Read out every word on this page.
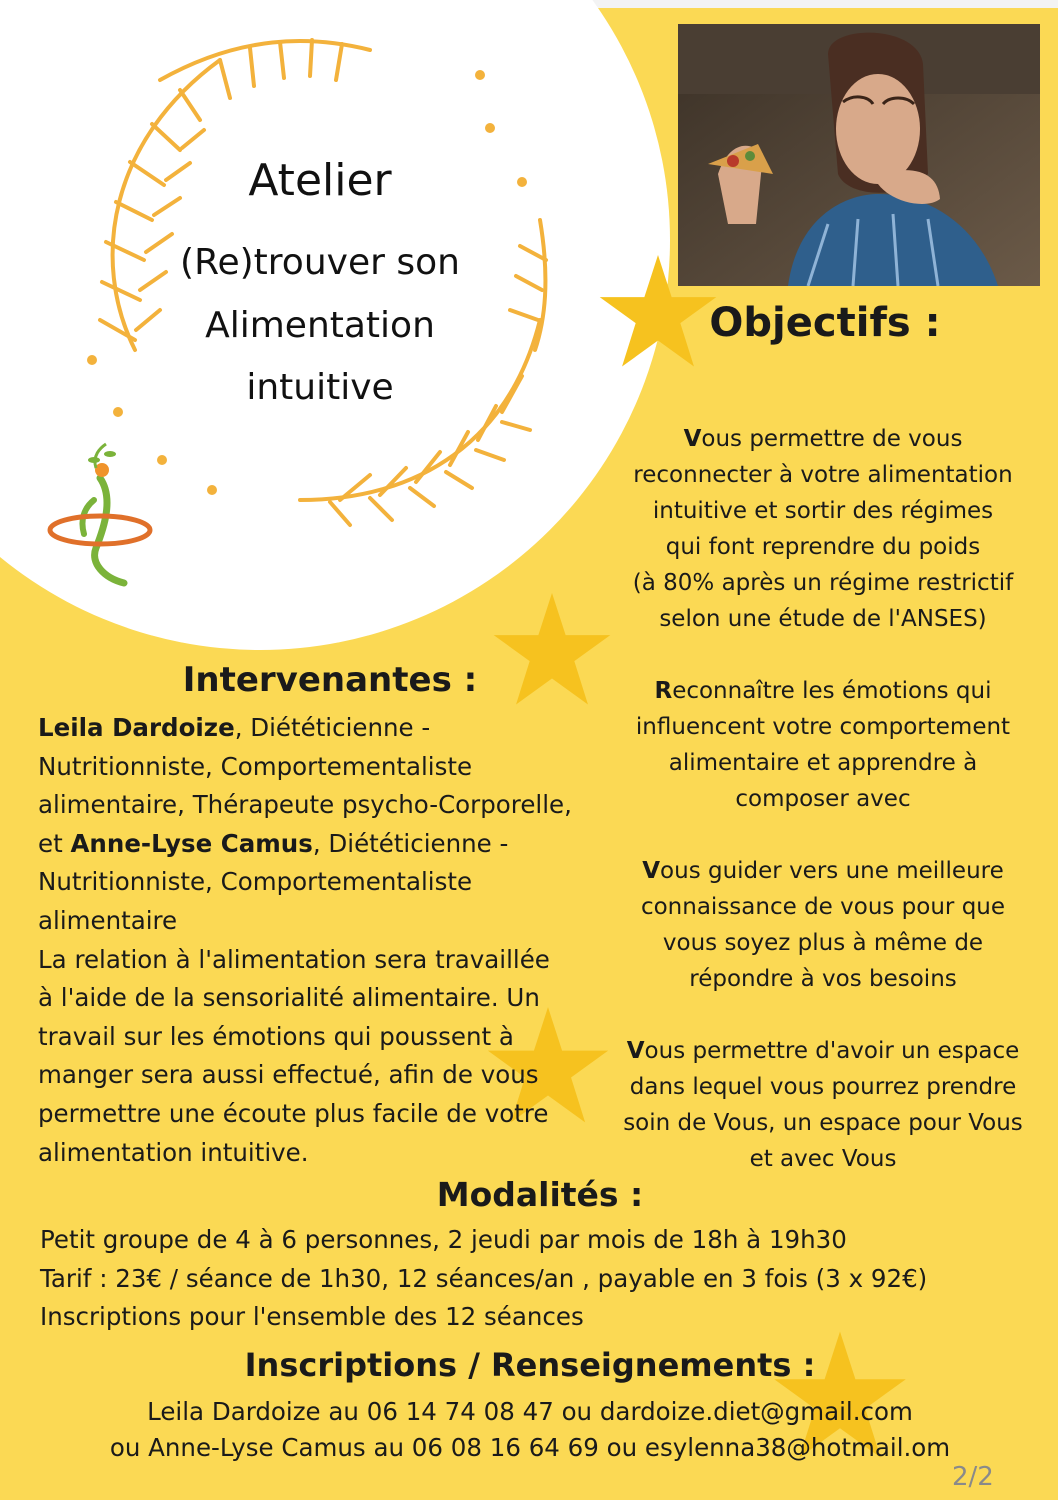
Atelier
(Re)trouver son
Alimentation
intuitive
Objectifs :
Vous permettre de vous
reconnecter à votre alimentation
intuitive et sortir des régimes
qui font reprendre du poids
(à 80% après un régime restrictif
selon une étude de l'ANSES)
Reconnaître les émotions qui
influencent votre comportement
alimentaire et apprendre à
composer avec
Vous guider vers une meilleure
connaissance de vous pour que
vous soyez plus à même de
répondre à vos besoins
Vous permettre d'avoir un espace
dans lequel vous pourrez prendre
soin de Vous, un espace pour Vous
et avec Vous
Intervenantes :
Leila Dardoize, Diététicienne -
Nutritionniste, Comportementaliste
alimentaire, Thérapeute psycho-Corporelle,
et Anne-Lyse Camus, Diététicienne -
Nutritionniste, Comportementaliste
alimentaire
La relation à l'alimentation sera travaillée
à l'aide de la sensorialité alimentaire. Un
travail sur les émotions qui poussent à
manger sera aussi effectué, afin de vous
permettre une écoute plus facile de votre
alimentation intuitive.
Modalités :
Petit groupe de 4 à 6 personnes, 2 jeudi par mois de 18h à 19h30
Tarif : 23€ / séance de 1h30, 12 séances/an , payable en 3 fois (3 x 92€)
Inscriptions pour l'ensemble des 12 séances
Inscriptions / Renseignements :
Leila Dardoize au 06 14 74 08 47 ou dardoize.diet@gmail.com
ou Anne-Lyse Camus au 06 08 16 64 69 ou esylenna38@hotmail.om
2/2
